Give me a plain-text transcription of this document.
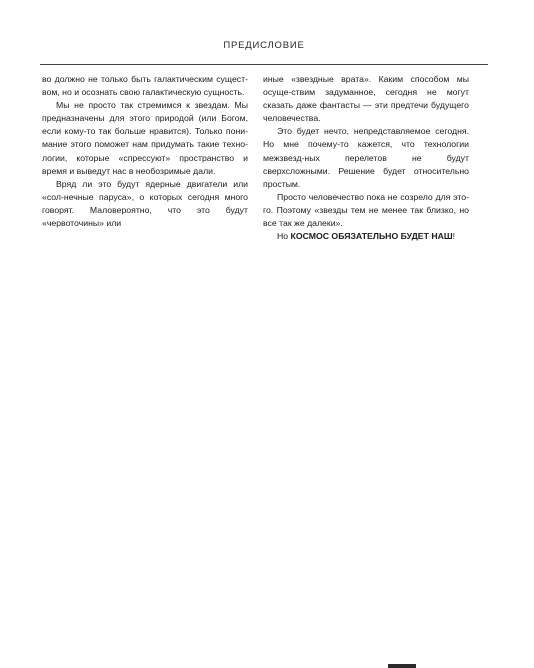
ПРЕДИСЛОВИЕ

во должно не только быть галактическим сущест-вом, но и осознать свою галактическую сущность.

Мы не просто так стремимся к звездам. Мы предназначены для этого природой (или Богом, если кому-то так больше нравится). Только пони-мание этого поможет нам придумать такие техно-логии, которые «спрессуют» пространство и время и выведут нас в необозримые дали.

Вряд ли это будут ядерные двигатели или «сол-нечные паруса», о которых сегодня много говорят. Маловероятно, что это будут «червоточины» или

иные «звездные врата». Каким способом мы осуще-ствим задуманное, сегодня не могут сказать даже фантасты — эти предтечи будущего человечества.

Это будет нечто, непредставляемое сегодня. Но мне почему-то кажется, что технологии межзвезд-ных перелетов не будут сверхсложными. Решение будет относительно простым.

Просто человечество пока не созрело для это-го. Поэтому «звезды тем не менее так близко, но все так же далеки».

Но КОСМОС ОБЯЗАТЕЛЬНО БУДЕТ НАШ!
